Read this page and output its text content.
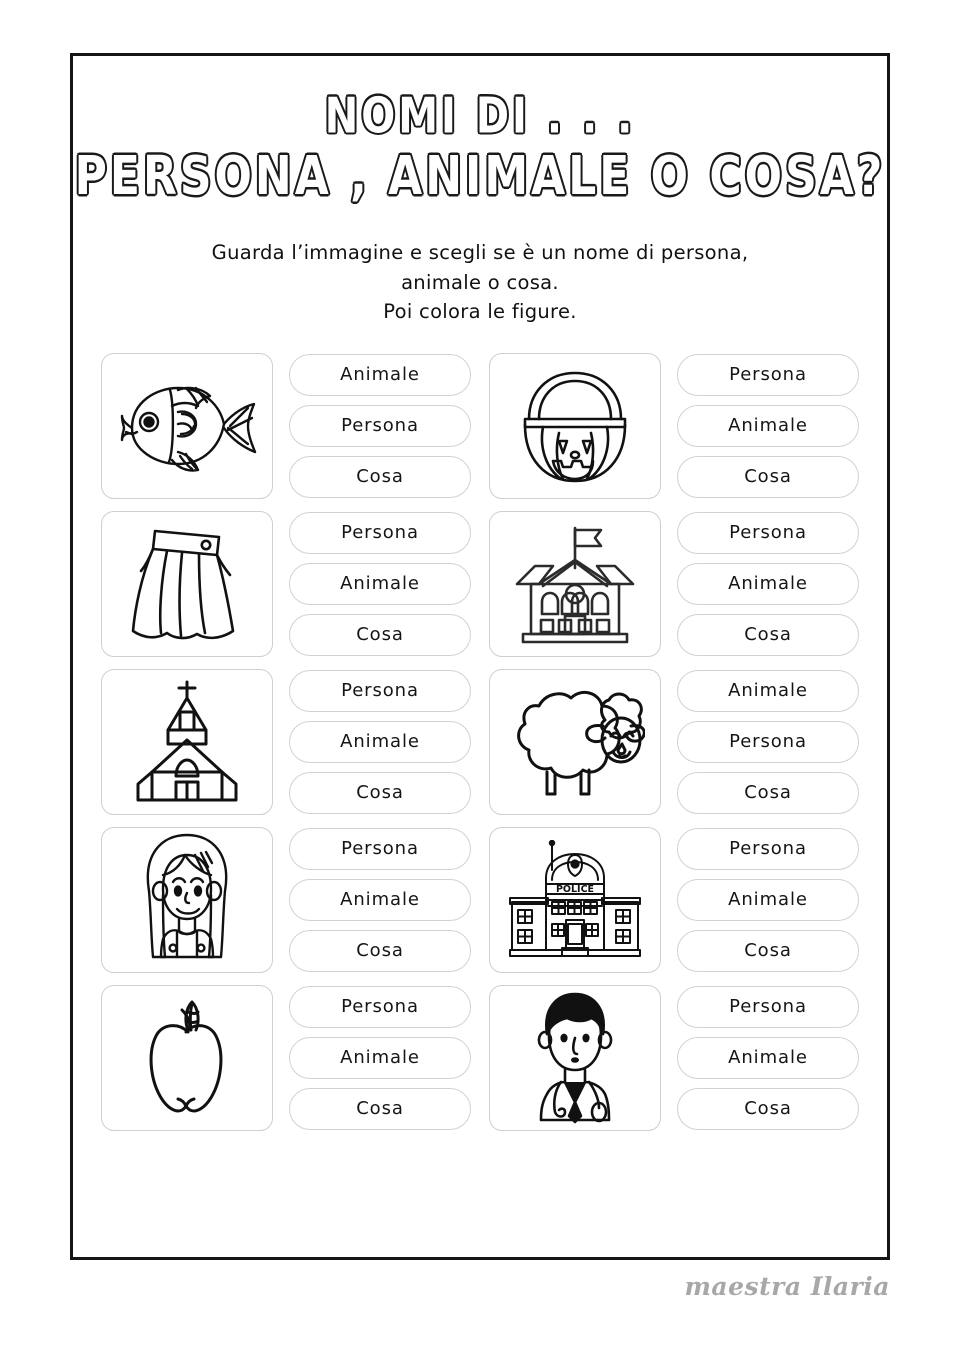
NOMI DI . . .
PERSONA , ANIMALE O COSA?
Guarda l’immagine e scegli se è un nome di persona,
animale o cosa.
Poi colora le figure.
Animale
Persona
Cosa
Persona
Animale
Cosa
Persona
Animale
Cosa
Persona
Animale
Cosa
Persona
Animale
Cosa
Animale
Persona
Cosa
Persona
Animale
Cosa
POLICE
Persona
Animale
Cosa
Persona
Animale
Cosa
Persona
Animale
Cosa
maestra Ilaria
